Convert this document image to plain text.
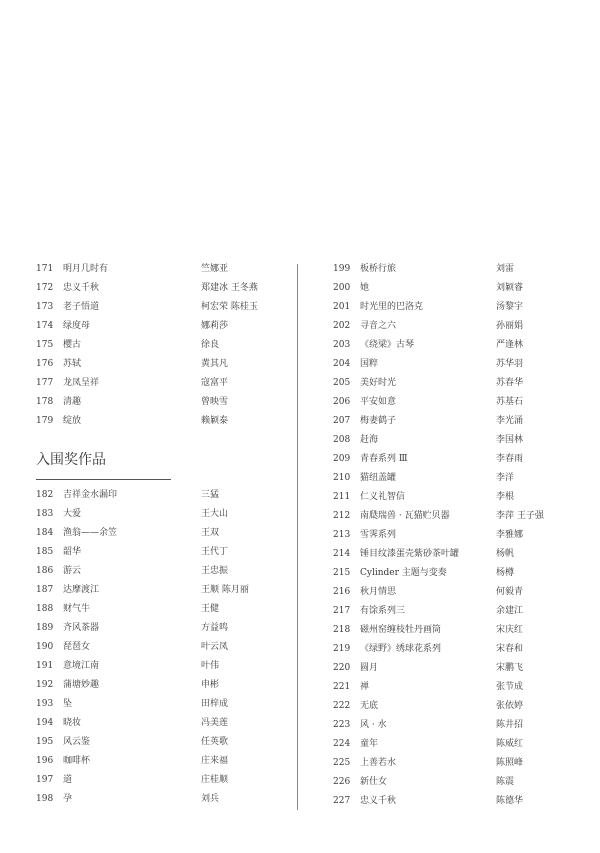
171	明月几时有	竺娜亚
172	忠义千秋	郑建冰 王冬燕
173	老子悟道	柯宏荣 陈桂玉
174	绿度母	娜莉莎
175	樱古	徐良
176	苏轼	黄其凡
177	龙凤呈祥	寇富平
178	清趣	曾映雪
179	绽放	赖颖泰
182	吉祥金水漏印	三猛
183	大爱	王大山
184	渔翁——余笠	王双
185	韶华	王代丁
186	游云	王忠振
187	达摩渡江	王顺 陈月丽
188	财气牛	王健
189	齐风茶器	方益鸣
190	琵琶女	叶云凤
191	意境江南	叶伟
192	蒲塘妙趣	申彬
193	坠	田梓成
194	晓妆	冯美莲
195	风云鉴	任英歌
196	咖啡杯	庄来福
197	道	庄桂顺
198	孕	刘兵
入围奖作品
199	板桥行旅	刘雷
200	她	刘颖睿
201	时光里的巴洛克	汤黎宇
202	寻音之六	孙丽娟
203	《绕梁》古琴	严逢林
204	国粹	苏华羽
205	美好时光	苏春华
206	平安如意	苏基石
207	梅妻鹤子	李光涌
208	赶海	李国林
209	青春系列 Ⅲ	李春雨
210	猫纽盖罐	李洋
211	仁义礼智信	李根
212	南瓞瑞兽 · 瓦猫贮贝器	李萍 王子强
213	雪霁系列	李雅娜
214	锤目纹漆蛋壳紫砂茶叶罐	杨帆
215	Cylinder 主题与变奏	杨樽
216	秋月情思	何毅青
217	有馀系列三	余建江
218	磁州窑缠枝牡丹画筒	宋庆红
219	《绿野》绣球花系列	宋春和
220	圆月	宋鹏飞
221	禅	张节成
222	无底	张依婷
223	风 · 水	陈井招
224	童年	陈威红
225	上善若水	陈照峰
226	新仕女	陈震
227	忠义千秋	陈德华
